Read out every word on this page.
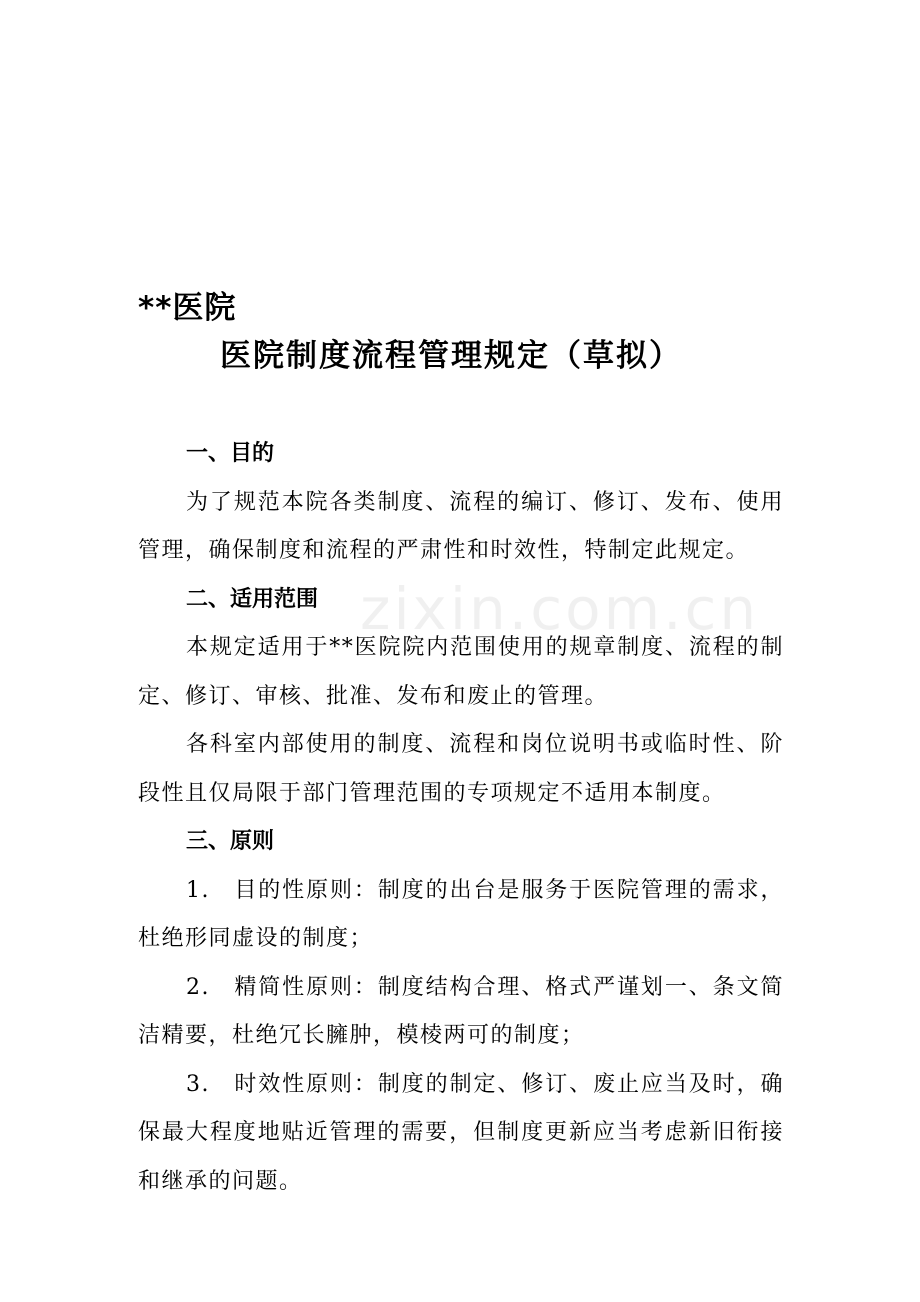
zixin.com.cn
**医院
医院制度流程管理规定（草拟）
一、目的
为了规范本院各类制度、流程的编订、修订、发布、使用管理，确保制度和流程的严肃性和时效性，特制定此规定。
二、适用范围
本规定适用于**医院院内范围使用的规章制度、流程的制定、修订、审核、批准、发布和废止的管理。
各科室内部使用的制度、流程和岗位说明书或临时性、阶段性且仅局限于部门管理范围的专项规定不适用本制度。
三、原则
1.　目的性原则：制度的出台是服务于医院管理的需求，杜绝形同虚设的制度；
2.　精简性原则：制度结构合理、格式严谨划一、条文简洁精要，杜绝冗长臃肿，模棱两可的制度；
3.　时效性原则：制度的制定、修订、废止应当及时，确保最大程度地贴近管理的需要，但制度更新应当考虑新旧衔接和继承的问题。
